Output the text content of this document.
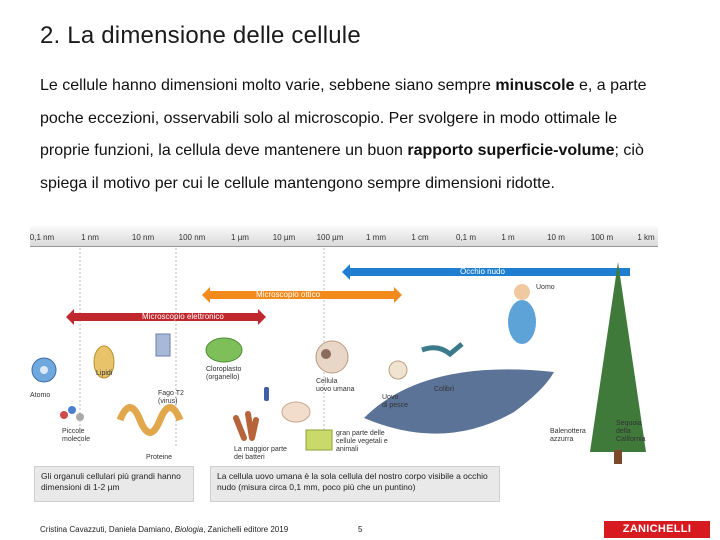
2. La dimensione delle cellule
Le cellule hanno dimensioni molto varie, sebbene siano sempre minuscole e, a parte poche eccezioni, osservabili solo al microscopio. Per svolgere in modo ottimale le proprie funzioni, la cellula deve mantenere un buon rapporto superficie-volume; ciò spiega il motivo per cui le cellule mantengono sempre dimensioni ridotte.
0,1 nm	1 nm	10 nm	100 nm	1 µm	10 µm	100 µm	1 mm	1 cm	0,1 m	1 m	10 m	100 m	1 km
Occhio nudo
Microscopio ottico
Microscopio elettronico
Atomo
Lipidi
Piccole
molecole
Proteine
Fago T2
(virus)
Cloroplasto
(organello)
La maggior parte
dei batteri
Cellula
uovo umana
gran parte delle
cellule vegetali e
animali
Uovo
di pesce
Colibrì
Uomo
Balenottera
azzurra
Sequoia
della
California
Gli organuli cellulari più grandi hanno dimensioni di 1-2 µm
La cellula uovo umana è la sola cellula del nostro corpo visibile a occhio nudo (misura circa 0,1 mm, poco più che un puntino)
Cristina Cavazzuti, Daniela Damiano, Biologia, Zanichelli editore 2019	5	ZANICHELLI
